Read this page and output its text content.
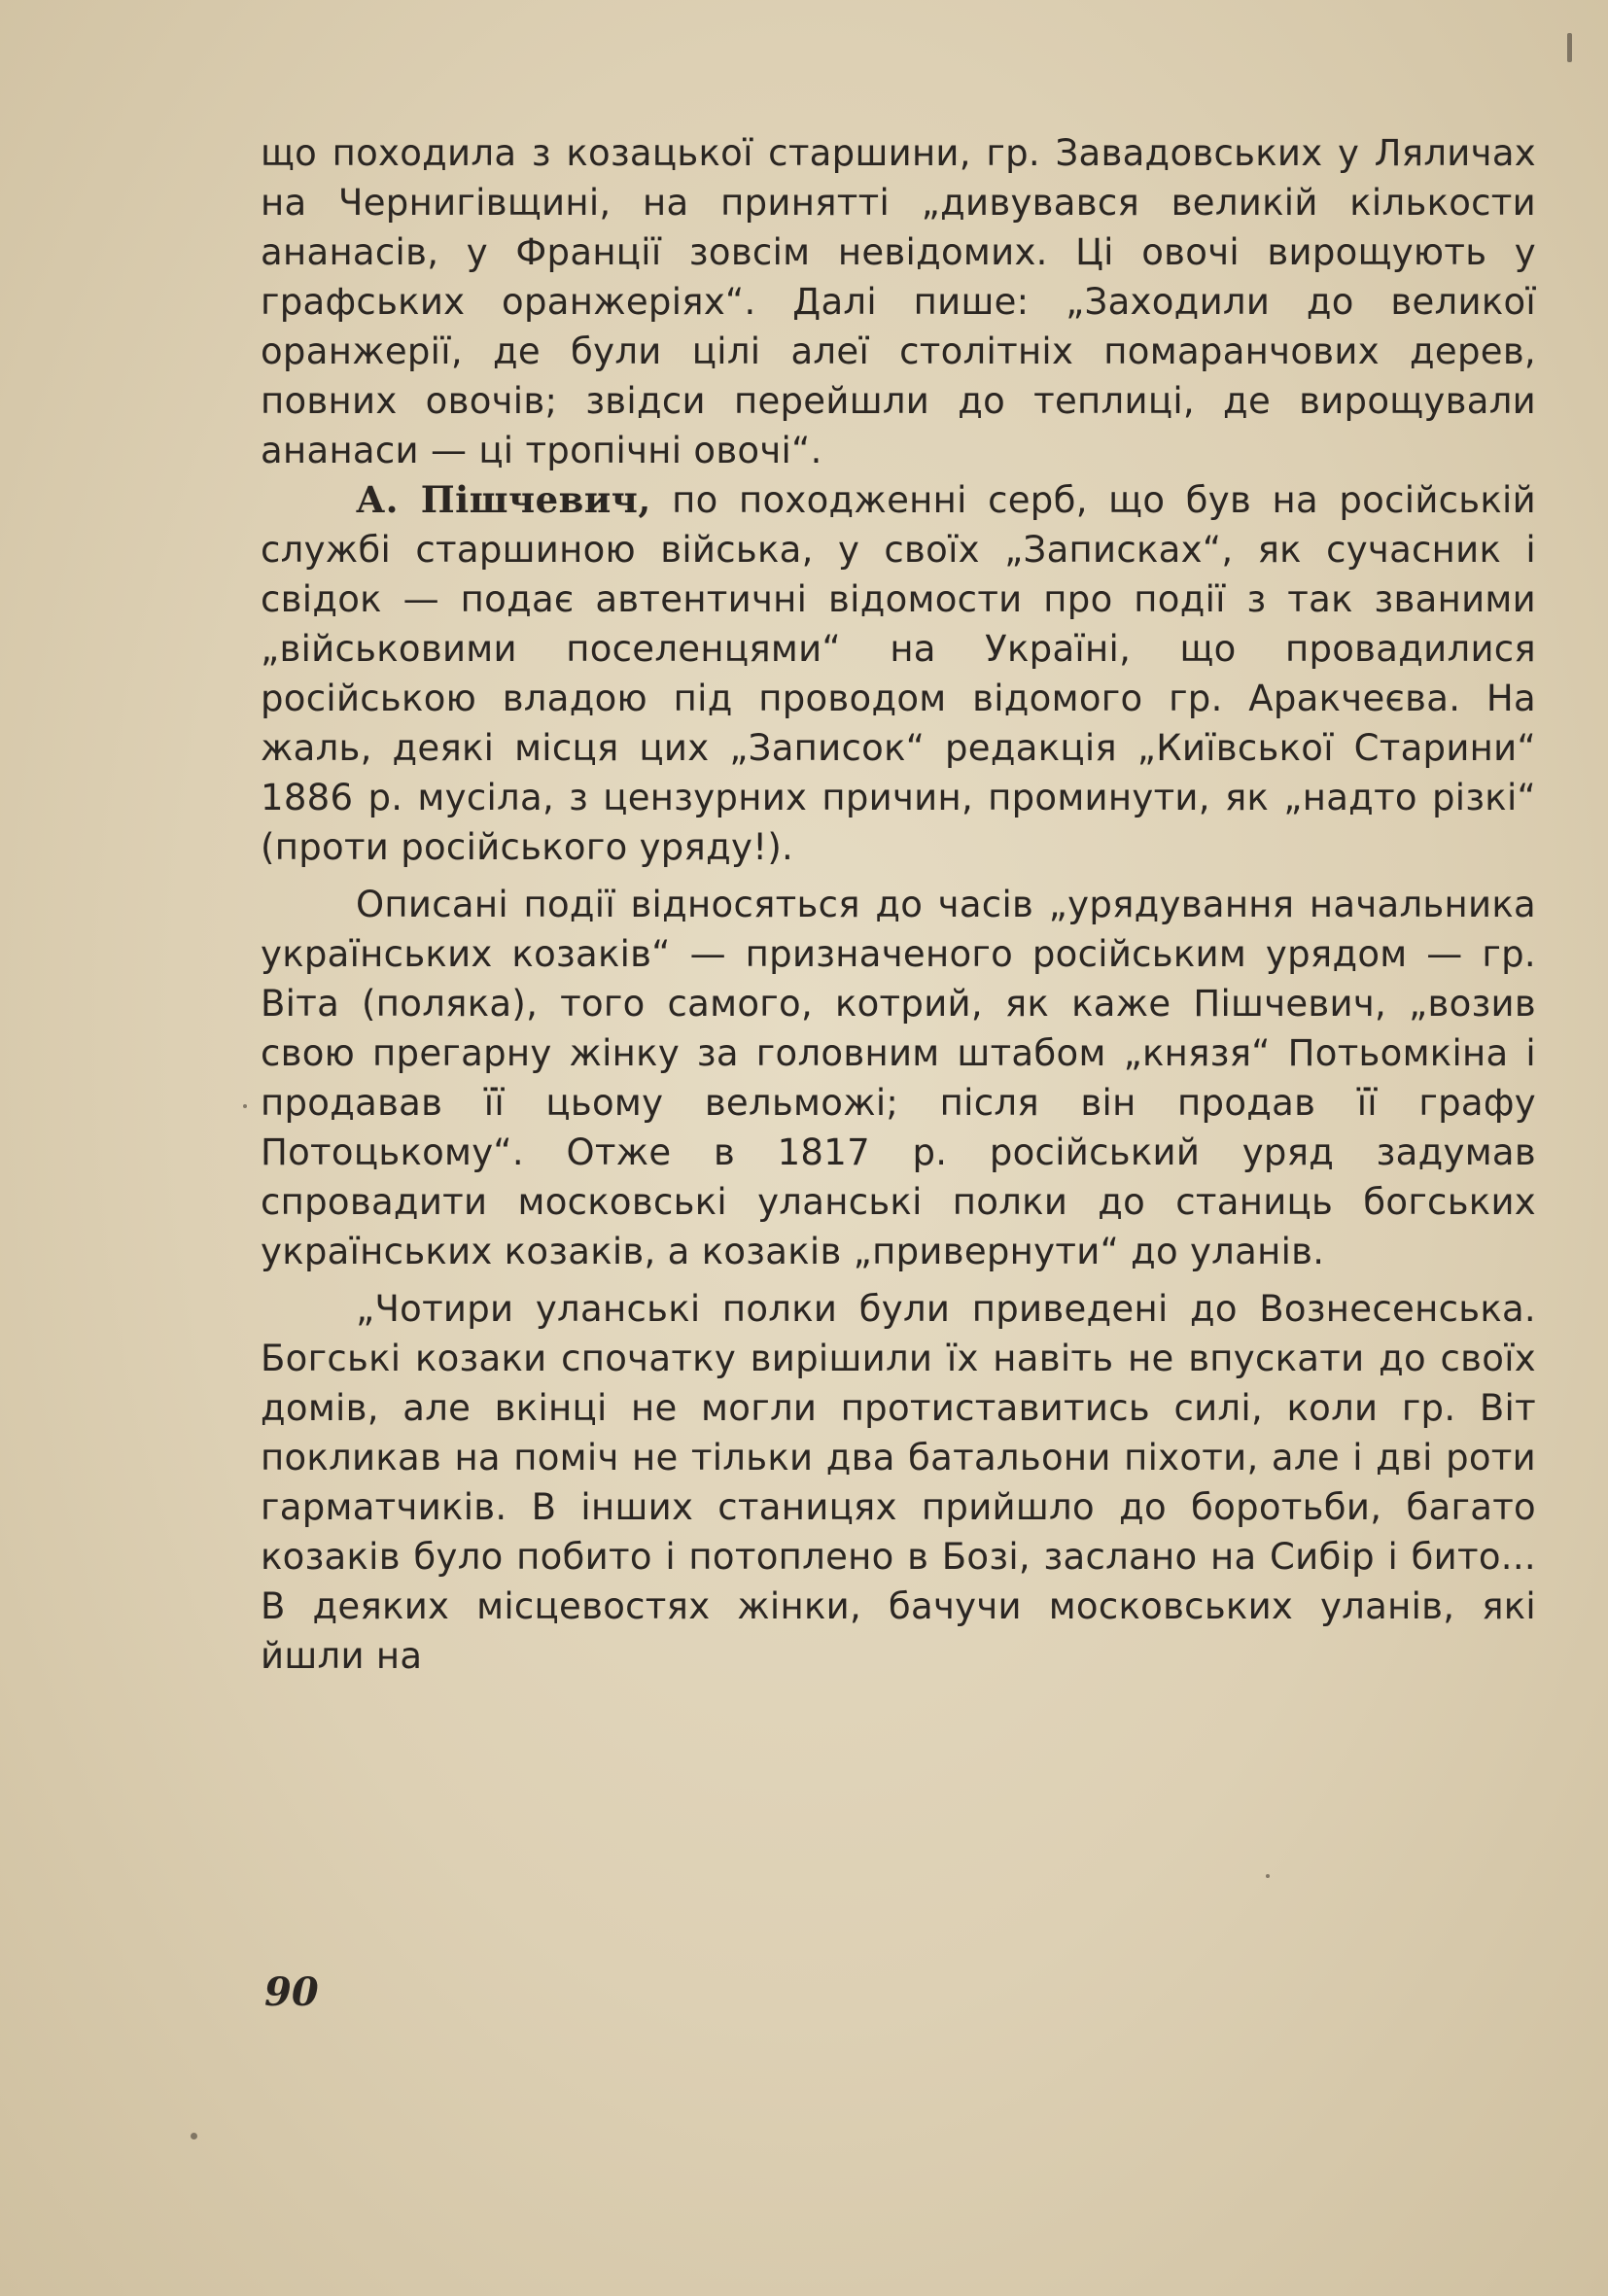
що походила з козацької старшини, гр. Завадовських у Ляличах на Чернигівщині, на принятті „дивувався великій кількости ананасів, у Франції зовсім невідомих. Ці овочі вирощують у графських оранжеріях“. Далі пише: „Заходили до великої оранжерії, де були цілі алеї столітніх помаранчових дерев, повних овочів; звідси перейшли до теплиці, де вирощували ананаси — ці тропічні овочі“.

А. Пішчевич, по походженні серб, що був на російській службі старшиною війська, у своїх „Записках“, як сучасник і свідок — подає автентичні відомости про події з так званими „військовими поселенцями“ на Україні, що провадилися російською владою під проводом відомого гр. Аракчеєва. На жаль, деякі місця цих „Записок“ редакція „Київської Старини“ 1886 р. мусіла, з цензурних причин, проминути, як „надто різкі“ (проти російського уряду!).

Описані події відносяться до часів „урядування начальника українських козаків“ — призначеного російським урядом — гр. Віта (поляка), того самого, котрий, як каже Пішчевич, „возив свою прегарну жінку за головним штабом „князя“ Потьомкіна і продавав її цьому вельможі; після він продав її графу Потоцькому“. Отже в 1817 р. російський уряд задумав спровадити московські уланські полки до станиць богських українських козаків, а козаків „привернути“ до уланів.

„Чотири уланські полки були приведені до Вознесенська. Богські козаки спочатку вирішили їх навіть не впускати до своїх домів, але вкінці не могли протиставитись силі, коли гр. Віт покликав на поміч не тільки два батальони піхоти, але і дві роти гарматчиків. В інших станицях прийшло до боротьби, багато козаків було побито і потоплено в Бозі, заслано на Сибір і бито... В деяких місцевостях жінки, бачучи московських уланів, які йшли на

90
